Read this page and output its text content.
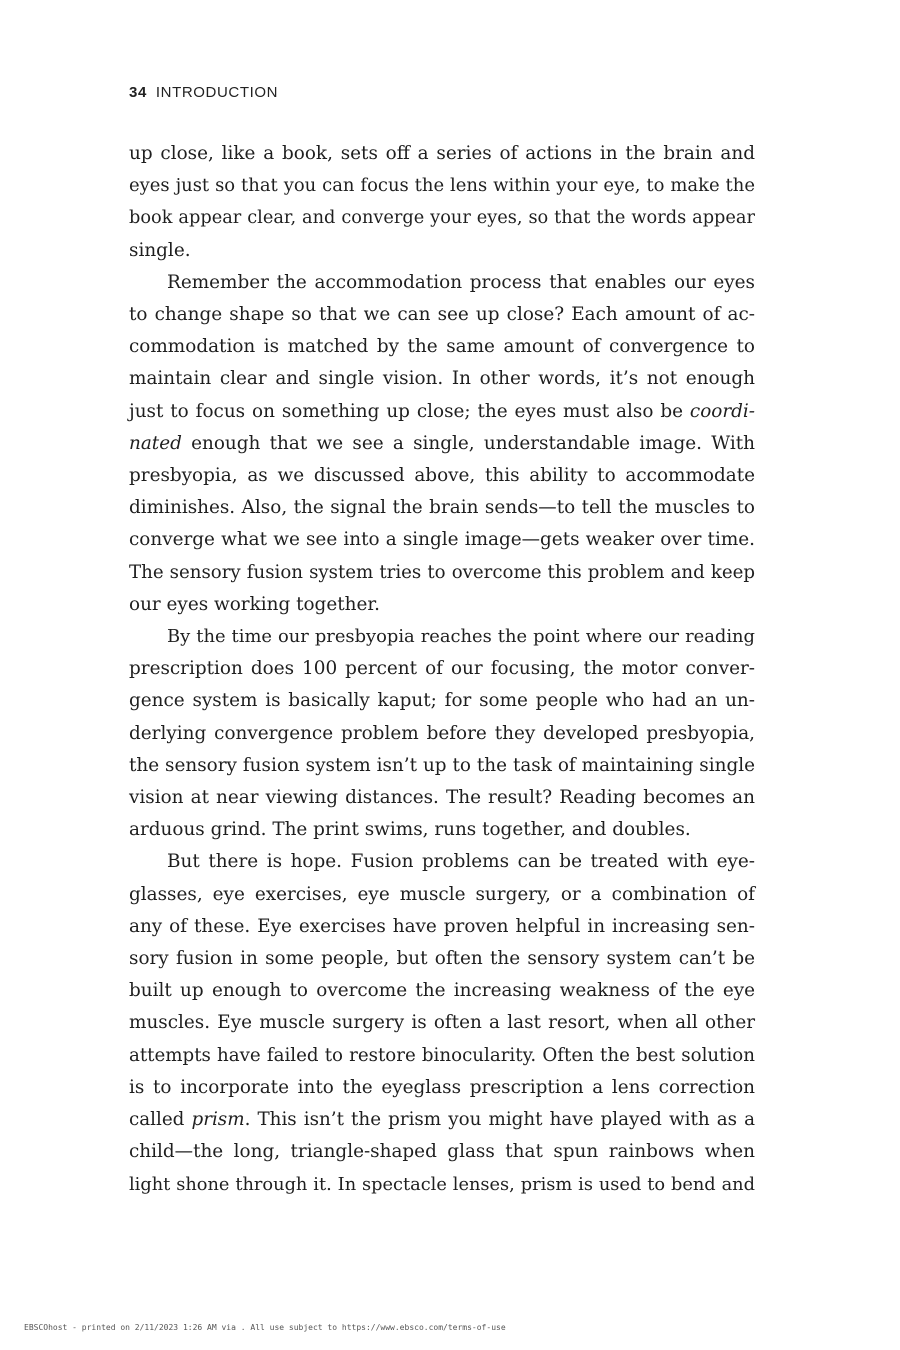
34 INTRODUCTION
up close, like a book, sets off a series of actions in the brain and
eyes just so that you can focus the lens within your eye, to make the
book appear clear, and converge your eyes, so that the words appear
single.
Remember the accommodation process that enables our eyes
to change shape so that we can see up close? Each amount of ac-
commodation is matched by the same amount of convergence to
maintain clear and single vision. In other words, it’s not enough
just to focus on something up close; the eyes must also be coordi-
nated enough that we see a single, understandable image. With
presbyopia, as we discussed above, this ability to accommodate
diminishes. Also, the signal the brain sends—to tell the muscles to
converge what we see into a single image—gets weaker over time.
The sensory fusion system tries to overcome this problem and keep
our eyes working together.
By the time our presbyopia reaches the point where our reading
prescription does 100 percent of our focusing, the motor conver-
gence system is basically kaput; for some people who had an un-
derlying convergence problem before they developed presbyopia,
the sensory fusion system isn’t up to the task of maintaining single
vision at near viewing distances. The result? Reading becomes an
arduous grind. The print swims, runs together, and doubles.
But there is hope. Fusion problems can be treated with eye-
glasses, eye exercises, eye muscle surgery, or a combination of
any of these. Eye exercises have proven helpful in increasing sen-
sory fusion in some people, but often the sensory system can’t be
built up enough to overcome the increasing weakness of the eye
muscles. Eye muscle surgery is often a last resort, when all other
attempts have failed to restore binocularity. Often the best solution
is to incorporate into the eyeglass prescription a lens correction
called prism. This isn’t the prism you might have played with as a
child—the long, triangle-shaped glass that spun rainbows when
light shone through it. In spectacle lenses, prism is used to bend and
EBSCOhost - printed on 2/11/2023 1:26 AM via . All use subject to https://www.ebsco.com/terms-of-use
